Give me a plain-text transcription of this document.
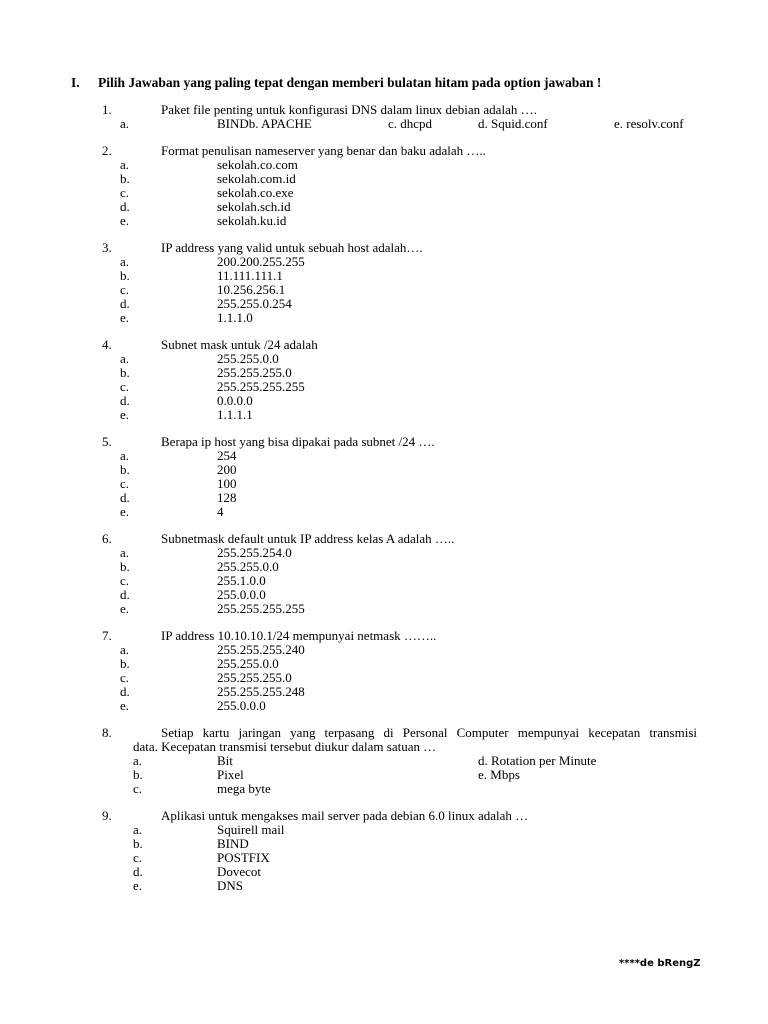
I. Pilih Jawaban yang paling tepat dengan memberi bulatan hitam pada option jawaban !
1.	Paket file penting untuk konfigurasi DNS dalam linux debian adalah ….
a.	BINDb. APACHE	c. dhcpd	d. Squid.conf	e. resolv.conf
2.	Format penulisan nameserver yang benar dan baku adalah …..
a.	sekolah.co.com
b.	sekolah.com.id
c.	sekolah.co.exe
d.	sekolah.sch.id
e.	sekolah.ku.id
3.	IP address yang valid untuk sebuah host adalah….
a.	200.200.255.255
b.	11.111.111.1
c.	10.256.256.1
d.	255.255.0.254
e.	1.1.1.0
4.	Subnet mask untuk /24 adalah
a.	255.255.0.0
b.	255.255.255.0
c.	255.255.255.255
d.	0.0.0.0
e.	1.1.1.1
5.	Berapa ip host yang bisa dipakai pada subnet /24 ….
a.	254
b.	200
c.	100
d.	128
e.	4
6.	Subnetmask default untuk IP address kelas A adalah …..
a.	255.255.254.0
b.	255.255.0.0
c.	255.1.0.0
d.	255.0.0.0
e.	255.255.255.255
7.	IP address 10.10.10.1/24 mempunyai netmask ……..
a.	255.255.255.240
b.	255.255.0.0
c.	255.255.255.0
d.	255.255.255.248
e.	255.0.0.0
8.	Setiap kartu jaringan yang terpasang di Personal Computer mempunyai kecepatan transmisi
data. Kecepatan transmisi tersebut diukur dalam satuan …
a.	Bit	d. Rotation per Minute
b.	Pixel	e. Mbps
c.	mega byte
9.	Aplikasi untuk mengakses mail server pada debian 6.0 linux adalah …
a.	Squirell mail
b.	BIND
c.	POSTFIX
d.	Dovecot
e.	DNS
****de bRengZ
